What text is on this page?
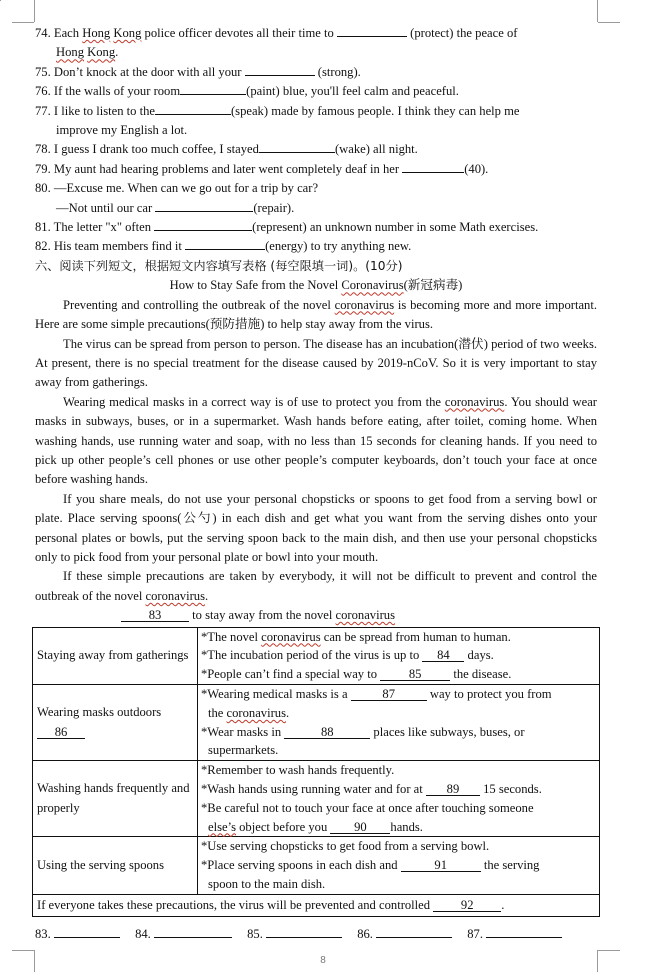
74. Each Hong Kong police officer devotes all their time to	(protect) the peace of
Hong Kong.

75. Don’t knock at the door with all your	(strong).

76. If the walls of your room	(paint) blue, you'll feel calm and peaceful.

77. I like to listen to the	(speak) made by famous people. I think they can help me
improve my English a lot.

78. I guess I drank too much coffee, I stayed	(wake) all night.

79. My aunt had hearing problems and later went completely deaf in her	(40).

80. —Excuse me. When can we go out for a trip by car?

—Not until our car	(repair).

81. The letter "x" often	(represent) an unknown number in some Math exercises.

82. His team members find it	(energy) to try anything new.

六、阅读下列短文，根据短文内容填写表格 (每空限填一词)。(10分)

How to Stay Safe from the Novel Coronavirus(新冠病毒)

Preventing and controlling the outbreak of the novel coronavirus is becoming more and more important. Here are some simple precautions(预防措施) to help stay away from the virus.

The virus can be spread from person to person. The disease has an incubation(潜伏) period of two weeks. At present, there is no special treatment for the disease caused by 2019-nCoV. So it is very important to stay away from gatherings.

Wearing medical masks in a correct way is of use to protect you from the coronavirus. You should wear masks in subways, buses, or in a supermarket. Wash hands before eating, after toilet, coming home. When washing hands, use running water and soap, with no less than 15 seconds for cleaning hands. If you need to pick up other people’s cell phones or use other people’s computer keyboards, don’t touch your face at once before washing hands.

If you share meals, do not use your personal chopsticks or spoons to get food from a serving bowl or plate. Place serving spoons(公勺) in each dish and get what you want from the serving dishes onto your personal plates or bowls, put the serving spoon back to the main dish, and then use your personal chopsticks only to pick food from your personal plate or bowl into your mouth.

If these simple precautions are taken by everybody, it will not be difficult to prevent and control the outbreak of the novel coronavirus.

83 to stay away from the novel coronavirus

Staying away from gatherings	*The novel coronavirus can be spread from human to human.
*The incubation period of the virus is up to 84 days.
*People can’t find a special way to 85 the disease.

Wearing masks outdoors
86	*Wearing medical masks is a 87 way to protect you from
the coronavirus.
*Wear masks in 88 places like subways, buses, or
supermarkets.

Washing hands frequently and properly	*Remember to wash hands frequently.
*Wash hands using running water and for at 89 15 seconds.
*Be careful not to touch your face at once after touching someone
else’s object before you 90 hands.

Using the serving spoons	*Use serving chopsticks to get food from a serving bowl.
*Place serving spoons in each dish and 91 the serving
spoon to the main dish.

If everyone takes these precautions, the virus will be prevented and controlled 92 .	
83.	84.	85.	86.	87.
8
